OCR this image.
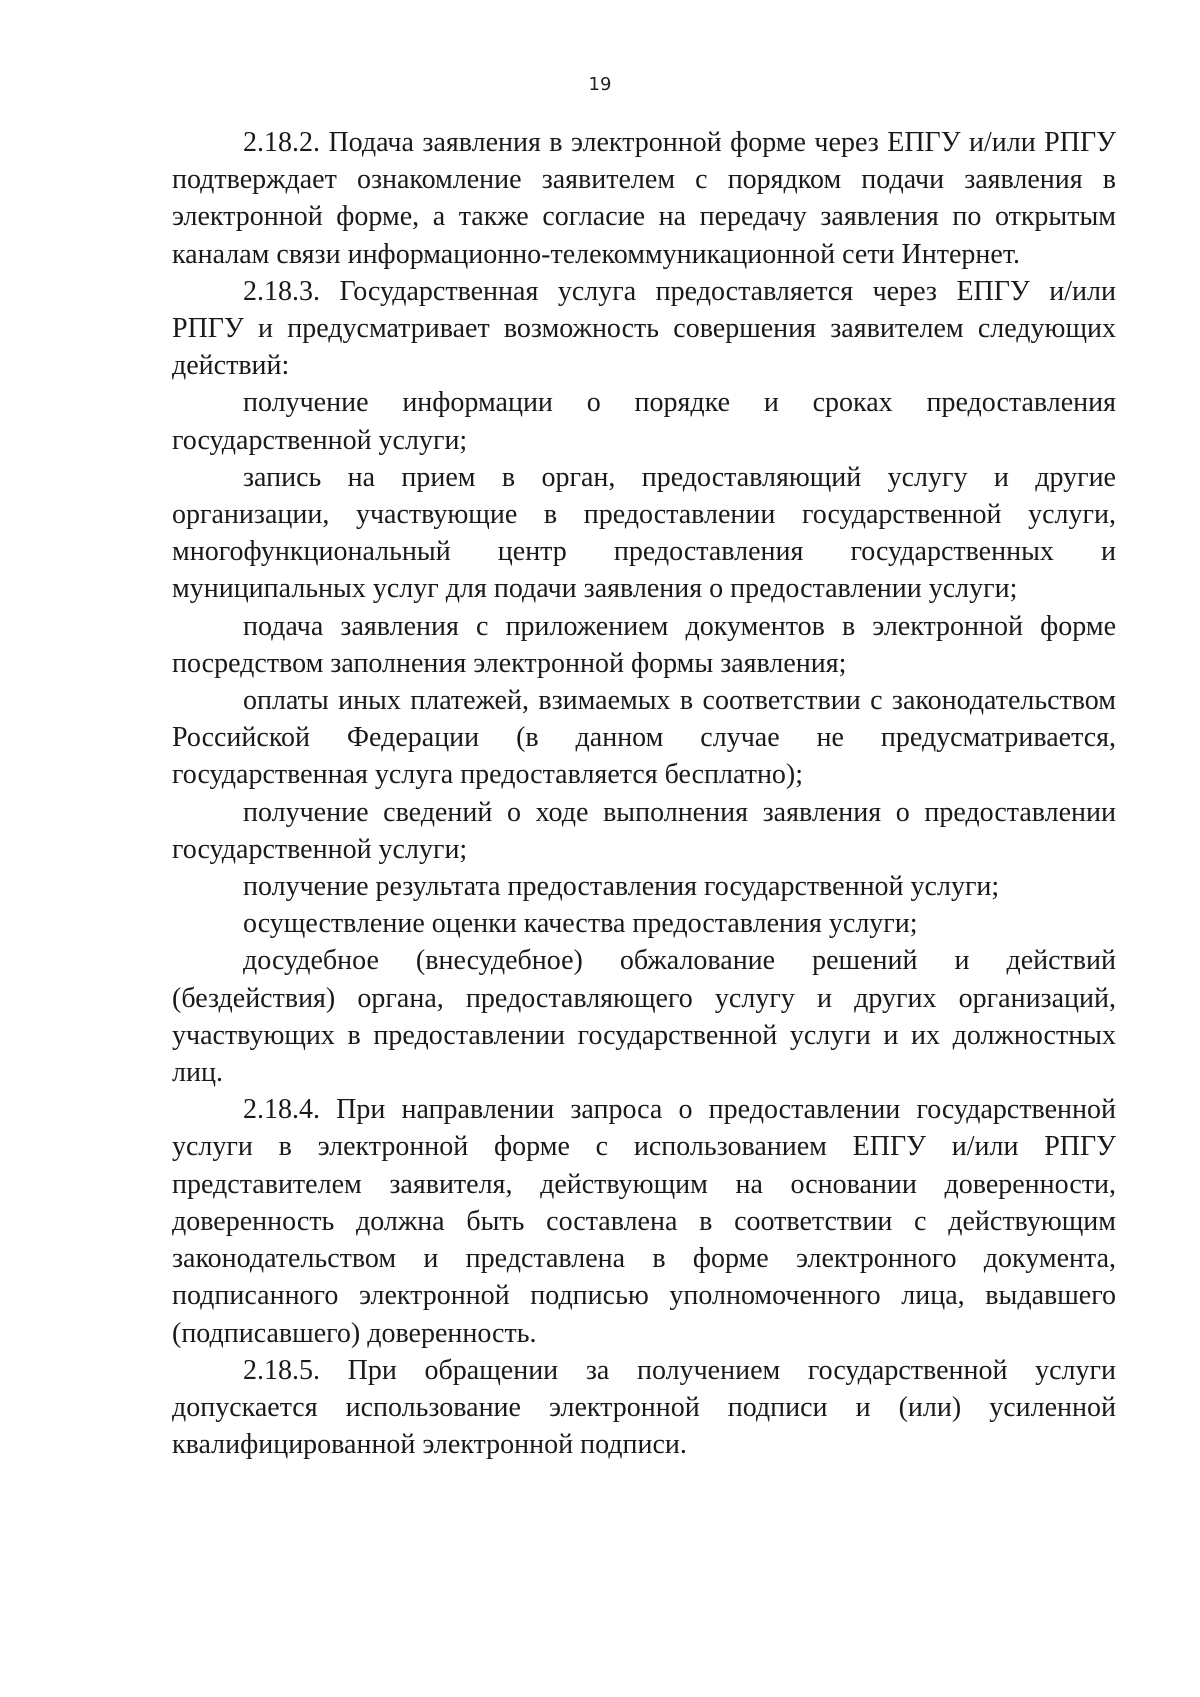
19

2.18.2. Подача заявления в электронной форме через ЕПГУ и/или РПГУ подтверждает ознакомление заявителем с порядком подачи заявления в электронной форме, а также согласие на передачу заявления по открытым каналам связи информационно-телекоммуникационной сети Интернет.

2.18.3. Государственная услуга предоставляется через ЕПГУ и/или РПГУ и предусматривает возможность совершения заявителем следующих действий:

получение информации о порядке и сроках предоставления государственной услуги;

запись на прием в орган, предоставляющий услугу и другие организации, участвующие в предоставлении государственной услуги, многофункциональный центр предоставления государственных и муниципальных услуг для подачи заявления о предоставлении услуги;

подача заявления с приложением документов в электронной форме посредством заполнения электронной формы заявления;

оплаты иных платежей, взимаемых в соответствии с законодательством Российской Федерации (в данном случае не предусматривается, государственная услуга предоставляется бесплатно);

получение сведений о ходе выполнения заявления о предоставлении государственной услуги;

получение результата предоставления государственной услуги;

осуществление оценки качества предоставления услуги;

досудебное (внесудебное) обжалование решений и действий (бездействия) органа, предоставляющего услугу и других организаций, участвующих в предоставлении государственной услуги и их должностных лиц.

2.18.4. При направлении запроса о предоставлении государственной услуги в электронной форме с использованием ЕПГУ и/или РПГУ представителем заявителя, действующим на основании доверенности, доверенность должна быть составлена в соответствии с действующим законодательством и представлена в форме электронного документа, подписанного электронной подписью уполномоченного лица, выдавшего (подписавшего) доверенность.

2.18.5. При обращении за получением государственной услуги допускается использование электронной подписи и (или) усиленной квалифицированной электронной подписи.
